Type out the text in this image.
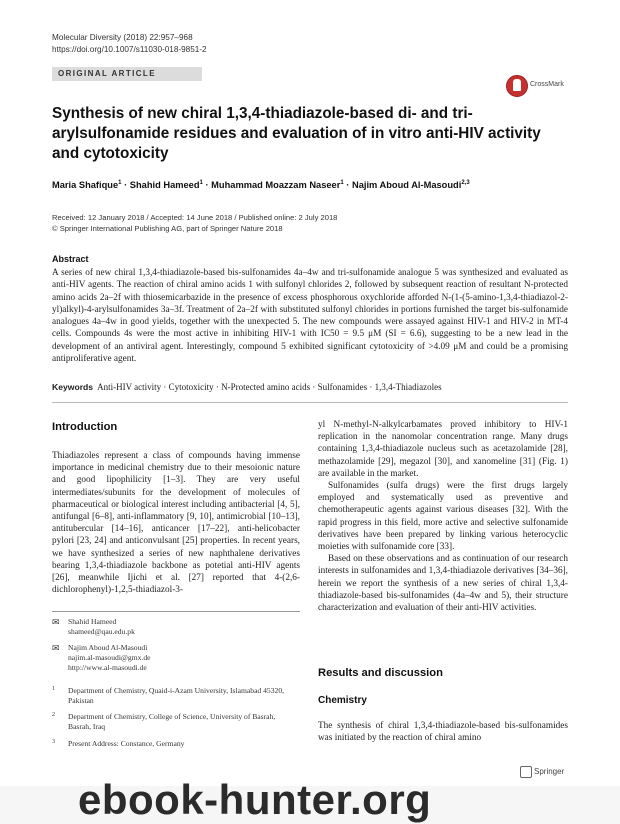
Molecular Diversity (2018) 22:957–968
https://doi.org/10.1007/s11030-018-9851-2
ORIGINAL ARTICLE
CrossMark
Synthesis of new chiral 1,3,4-thiadiazole-based di- and tri-arylsulfonamide residues and evaluation of in vitro anti-HIV activity and cytotoxicity
Maria Shafique$^1$ · Shahid Hameed$^1$ · Muhammad Moazzam Naseer$^1$ · Najim Aboud Al-Masoudi$^{2,3}$
Received: 12 January 2018 / Accepted: 14 June 2018 / Published online: 2 July 2018
© Springer International Publishing AG, part of Springer Nature 2018
Abstract
A series of new chiral 1,3,4-thiadiazole-based bis-sulfonamides 4a–4w and tri-sulfonamide analogue 5 was synthesized and evaluated as anti-HIV agents. The reaction of chiral amino acids 1 with sulfonyl chlorides 2, followed by subsequent reaction of resultant N-protected amino acids 2a–2f with thiosemicarbazide in the presence of excess phosphorous oxychloride afforded N-(1-(5-amino-1,3,4-thiadiazol-2-yl)alkyl)-4-arylsulfonamides 3a–3f. Treatment of 2a–2f with substituted sulfonyl chlorides in portions furnished the target bis-sulfonamide analogues 4a–4w in good yields, together with the unexpected 5. The new compounds were assayed against HIV-1 and HIV-2 in MT-4 cells. Compounds 4s were the most active in inhibiting HIV-1 with IC50 = 9.5 μM (SI = 6.6), suggesting to be a new lead in the development of an antiviral agent. Interestingly, compound 5 exhibited significant cytotoxicity of >4.09 μM and could be a promising antiproliferative agent.
Keywords Anti-HIV activity · Cytotoxicity · N-Protected amino acids · Sulfonamides · 1,3,4-Thiadiazoles
Introduction

Thiadiazoles represent a class of compounds having immense importance in medicinal chemistry due to their mesoionic nature and good lipophilicity [1–3]. They are very useful intermediates/subunits for the development of molecules of pharmaceutical or biological interest including antibacterial [4, 5], antifungal [6–8], anti-inflammatory [9, 10], antimicrobial [10–13], antitubercular [14–16], anticancer [17–22], anti-helicobacter pylori [23, 24] and anticonvulsant [25] properties. In recent years, we have synthesized a series of new naphthalene derivatives bearing 1,3,4-thiadiazole backbone as potetial anti-HIV agents [26], meanwhile Ijichi et al. [27] reported that 4-(2,6-dichlorophenyl)-1,2,5-thiadiazol-3-

✉ Shahid Hameed
shameed@qau.edu.pk
✉ Najim Aboud Al-Masoudi
najim.al-masoudi@gmx.de
http://www.al-masoudi.de
1 Department of Chemistry, Quaid-i-Azam University, Islamabad 45320, Pakistan
2 Department of Chemistry, College of Science, University of Basrah, Basrah, Iraq
3 Present Address: Constance, Germany

yl N-methyl-N-alkylcarbamates proved inhibitory to HIV-1 replication in the nanomolar concentration range. Many drugs containing 1,3,4-thiadiazole nucleus such as acetazolamide [28], methazolamide [29], megazol [30], and xanomeline [31] (Fig. 1) are available in the market.

Sulfonamides (sulfa drugs) were the first drugs largely employed and systematically used as preventive and chemotherapeutic agents against various diseases [32]. With the rapid progress in this field, more active and selective sulfonamide derivatives have been prepared by linking various heterocyclic moieties with sulfonamide core [33].

Based on these observations and as continuation of our research interests in sulfonamides and 1,3,4-thiadiazole derivatives [34–36], herein we report the synthesis of a new series of chiral 1,3,4-thiadiazole-based bis-sulfonamides (4a–4w and 5), their structure characterization and evaluation of their anti-HIV activities.

Results and discussion
Chemistry

The synthesis of chiral 1,3,4-thiadiazole-based bis-sulfonamides was initiated by the reaction of chiral amino

Springer
ebook-hunter.org
